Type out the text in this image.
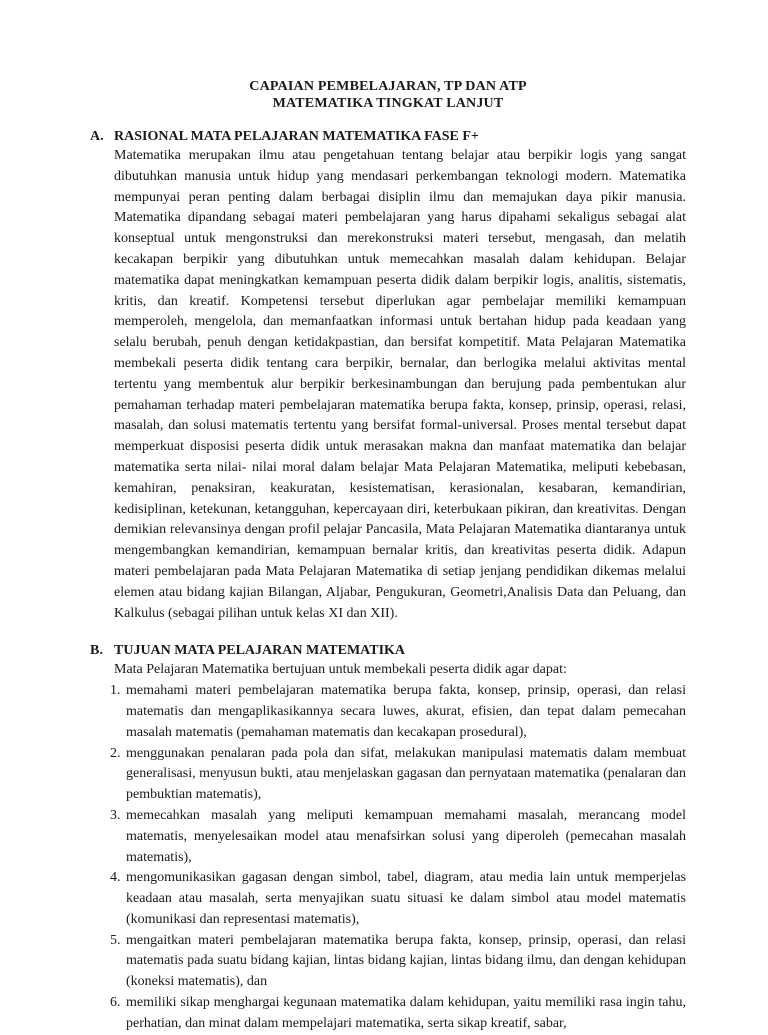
CAPAIAN PEMBELAJARAN, TP DAN ATP
MATEMATIKA TINGKAT LANJUT
A. RASIONAL MATA PELAJARAN MATEMATIKA FASE F+

Matematika merupakan ilmu atau pengetahuan tentang belajar atau berpikir logis yang sangat dibutuhkan manusia untuk hidup yang mendasari perkembangan teknologi modern. Matematika mempunyai peran penting dalam berbagai disiplin ilmu dan memajukan daya pikir manusia. Matematika dipandang sebagai materi pembelajaran yang harus dipahami sekaligus sebagai alat konseptual untuk mengonstruksi dan merekonstruksi materi tersebut, mengasah, dan melatih kecakapan berpikir yang dibutuhkan untuk memecahkan masalah dalam kehidupan. Belajar matematika dapat meningkatkan kemampuan peserta didik dalam berpikir logis, analitis, sistematis, kritis, dan kreatif. Kompetensi tersebut diperlukan agar pembelajar memiliki kemampuan memperoleh, mengelola, dan memanfaatkan informasi untuk bertahan hidup pada keadaan yang selalu berubah, penuh dengan ketidakpastian, dan bersifat kompetitif. Mata Pelajaran Matematika membekali peserta didik tentang cara berpikir, bernalar, dan berlogika melalui aktivitas mental tertentu yang membentuk alur berpikir berkesinambungan dan berujung pada pembentukan alur pemahaman terhadap materi pembelajaran matematika berupa fakta, konsep, prinsip, operasi, relasi, masalah, dan solusi matematis tertentu yang bersifat formal-universal. Proses mental tersebut dapat memperkuat disposisi peserta didik untuk merasakan makna dan manfaat matematika dan belajar matematika serta nilai- nilai moral dalam belajar Mata Pelajaran Matematika, meliputi kebebasan, kemahiran, penaksiran, keakuratan, kesistematisan, kerasionalan, kesabaran, kemandirian, kedisiplinan, ketekunan, ketangguhan, kepercayaan diri, keterbukaan pikiran, dan kreativitas. Dengan demikian relevansinya dengan profil pelajar Pancasila, Mata Pelajaran Matematika diantaranya untuk mengembangkan kemandirian, kemampuan bernalar kritis, dan kreativitas peserta didik. Adapun materi pembelajaran pada Mata Pelajaran Matematika di setiap jenjang pendidikan dikemas melalui elemen atau bidang kajian Bilangan, Aljabar, Pengukuran, Geometri,Analisis Data dan Peluang, dan Kalkulus (sebagai pilihan untuk kelas XI dan XII).

B. TUJUAN MATA PELAJARAN MATEMATIKA
Mata Pelajaran Matematika bertujuan untuk membekali peserta didik agar dapat:
1. memahami materi pembelajaran matematika berupa fakta, konsep, prinsip, operasi, dan relasi matematis dan mengaplikasikannya secara luwes, akurat, efisien, dan tepat dalam pemecahan masalah matematis (pemahaman matematis dan kecakapan prosedural),
2. menggunakan penalaran pada pola dan sifat, melakukan manipulasi matematis dalam membuat generalisasi, menyusun bukti, atau menjelaskan gagasan dan pernyataan matematika (penalaran dan pembuktian matematis),
3. memecahkan masalah yang meliputi kemampuan memahami masalah, merancang model matematis, menyelesaikan model atau menafsirkan solusi yang diperoleh (pemecahan masalah matematis),
4. mengomunikasikan gagasan dengan simbol, tabel, diagram, atau media lain untuk memperjelas keadaan atau masalah, serta menyajikan suatu situasi ke dalam simbol atau model matematis (komunikasi dan representasi matematis),
5. mengaitkan materi pembelajaran matematika berupa fakta, konsep, prinsip, operasi, dan relasi matematis pada suatu bidang kajian, lintas bidang kajian, lintas bidang ilmu, dan dengan kehidupan (koneksi matematis), dan
6. memiliki sikap menghargai kegunaan matematika dalam kehidupan, yaitu memiliki rasa ingin tahu, perhatian, dan minat dalam mempelajari matematika, serta sikap kreatif, sabar,
